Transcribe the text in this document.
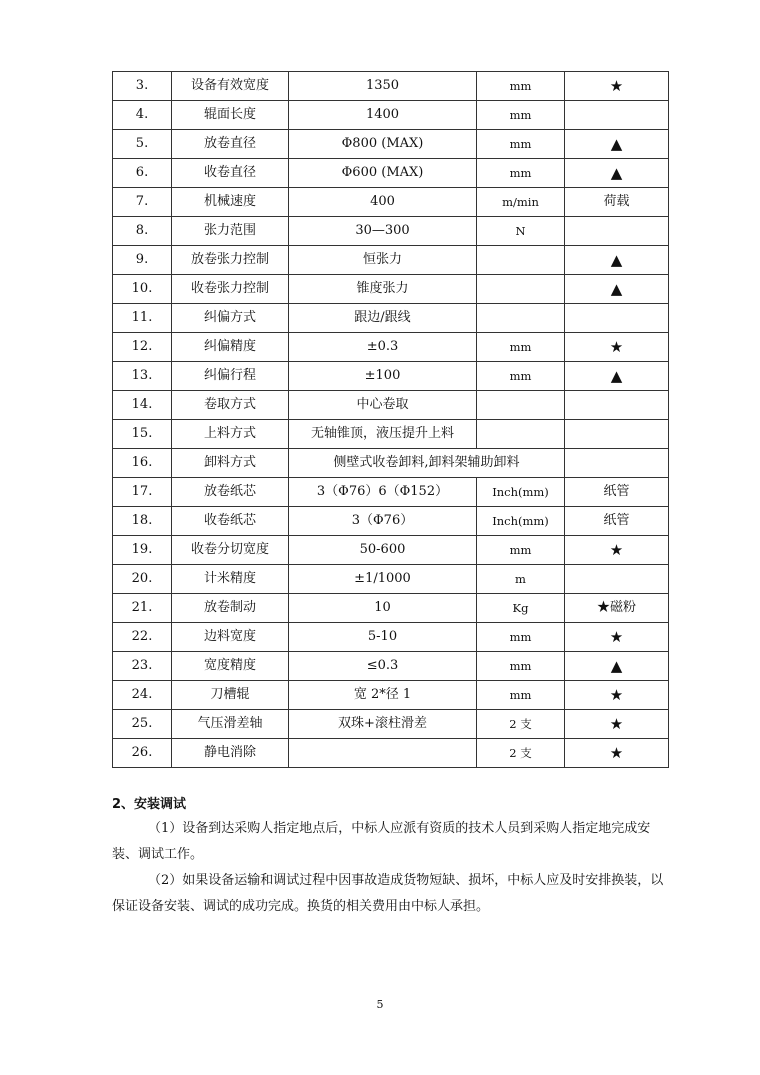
3.	设备有效宽度	1350	mm	★
4.	辊面长度	1400	mm	
5.	放卷直径	Φ800 (MAX)	mm	▲
6.	收卷直径	Φ600 (MAX)	mm	▲
7.	机械速度	400	m/min	荷载
8.	张力范围	30—300	N	
9.	放卷张力控制	恒张力		▲
10.	收卷张力控制	锥度张力		▲
11.	纠偏方式	跟边/跟线		
12.	纠偏精度	±0.3	mm	★
13.	纠偏行程	±100	mm	▲
14.	卷取方式	中心卷取		
15.	上料方式	无轴锥顶，液压提升上料		
16.	卸料方式	侧壁式收卷卸料,卸料架辅助卸料		
17.	放卷纸芯	3（Φ76）6（Φ152）	Inch(mm)	纸管
18.	收卷纸芯	3（Φ76）	Inch(mm)	纸管
19.	收卷分切宽度	50-600	mm	★
20.	计米精度	±1/1000	m	
21.	放卷制动	10	Kg	★磁粉
22.	边料宽度	5-10	mm	★
23.	宽度精度	≤0.3	mm	▲
24.	刀槽辊	宽 2*径 1	mm	★
25.	气压滑差轴	双珠+滚柱滑差	2 支	★
26.	静电消除		2 支	★
2、安装调试
（1）设备到达采购人指定地点后，中标人应派有资质的技术人员到采购人指定地完成安装、调试工作。
（2）如果设备运输和调试过程中因事故造成货物短缺、损坏，中标人应及时安排换装，以保证设备安装、调试的成功完成。换货的相关费用由中标人承担。
5
